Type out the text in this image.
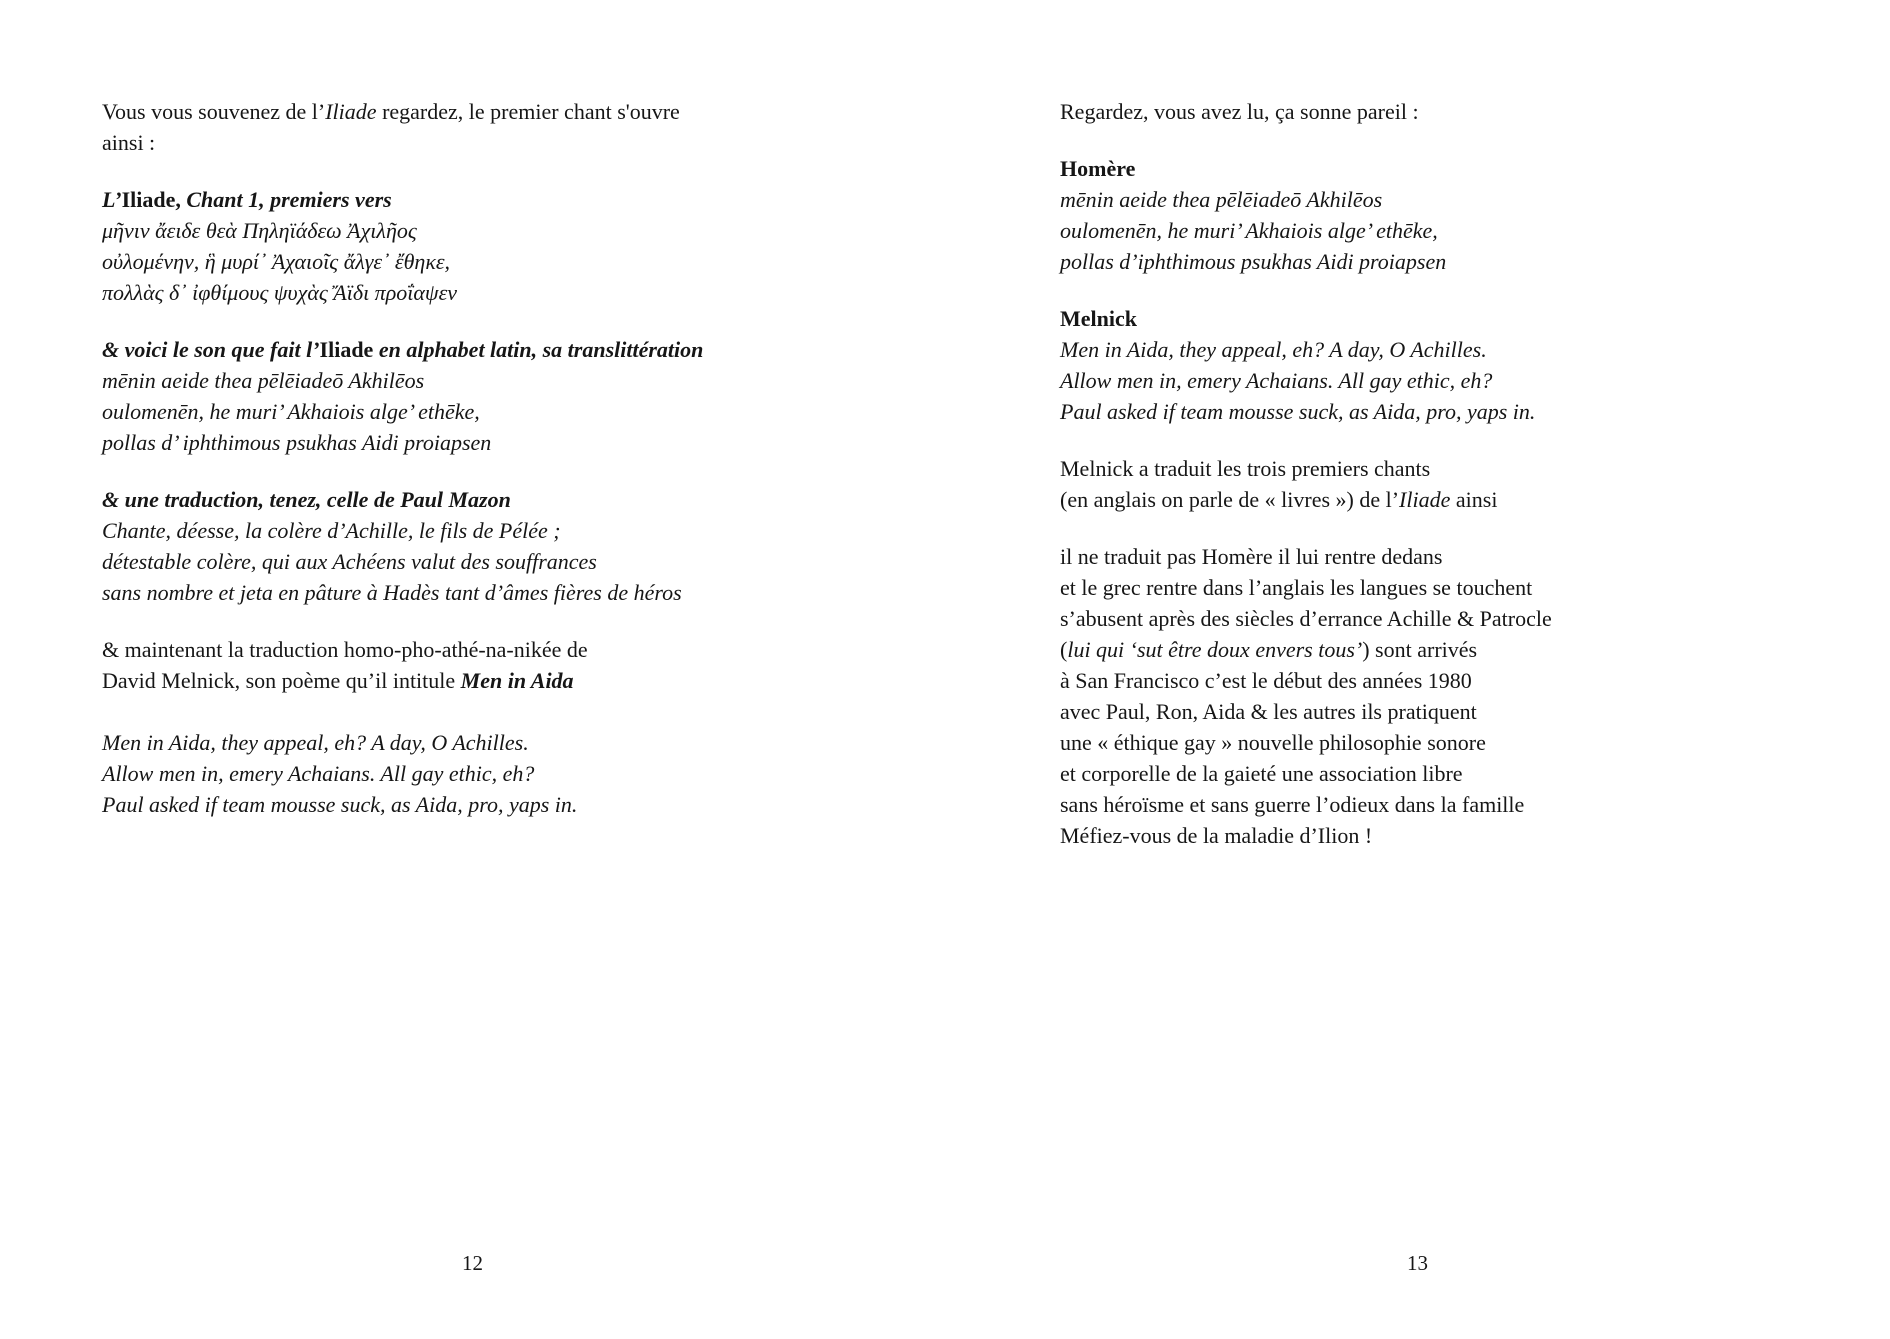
Vous vous souvenez de l’Iliade regardez, le premier chant s'ouvre
ainsi :

L’Iliade, Chant 1, premiers vers
μῆνιν ἄειδε θεὰ Πηληϊάδεω Ἀχιλῆος
οὐλομένην, ἣ μυρί᾽ Ἀχαιοῖς ἄλγε᾽ ἔθηκε,
πολλὰς δ᾽ ἰφθίμους ψυχὰς Ἄϊδι προΐαψεν

& voici le son que fait l’Iliade en alphabet latin, sa translittération
mēnin aeide thea pēlēiadeō Akhilēos
oulomenēn, he muri’ Akhaiois alge’ ethēke,
pollas d’ iphthimous psukhas Aidi proiapsen

& une traduction, tenez, celle de Paul Mazon
Chante, déesse, la colère d’Achille, le fils de Pélée ;
détestable colère, qui aux Achéens valut des souffrances
sans nombre et jeta en pâture à Hadès tant d’âmes fières de héros

& maintenant la traduction homo-pho-athé-na-nikée de
David Melnick, son poème qu’il intitule Men in Aida

Men in Aida, they appeal, eh? A day, O Achilles.
Allow men in, emery Achaians. All gay ethic, eh?
Paul asked if team mousse suck, as Aida, pro, yaps in.

Regardez, vous avez lu, ça sonne pareil :

Homère
mēnin aeide thea pēlēiadeō Akhilēos
oulomenēn, he muri’ Akhaiois alge’ ethēke,
pollas d’iphthimous psukhas Aidi proiapsen

Melnick
Men in Aida, they appeal, eh? A day, O Achilles.
Allow men in, emery Achaians. All gay ethic, eh?
Paul asked if team mousse suck, as Aida, pro, yaps in.

Melnick a traduit les trois premiers chants
(en anglais on parle de « livres ») de l’Iliade ainsi

il ne traduit pas Homère il lui rentre dedans
et le grec rentre dans l’anglais les langues se touchent
s’abusent après des siècles d’errance Achille & Patrocle
(lui qui ‘sut être doux envers tous’) sont arrivés
à San Francisco c’est le début des années 1980
avec Paul, Ron, Aida & les autres ils pratiquent
une « éthique gay » nouvelle philosophie sonore
et corporelle de la gaieté une association libre
sans héroïsme et sans guerre l’odieux dans la famille
Méfiez-vous de la maladie d’Ilion !

12	13
